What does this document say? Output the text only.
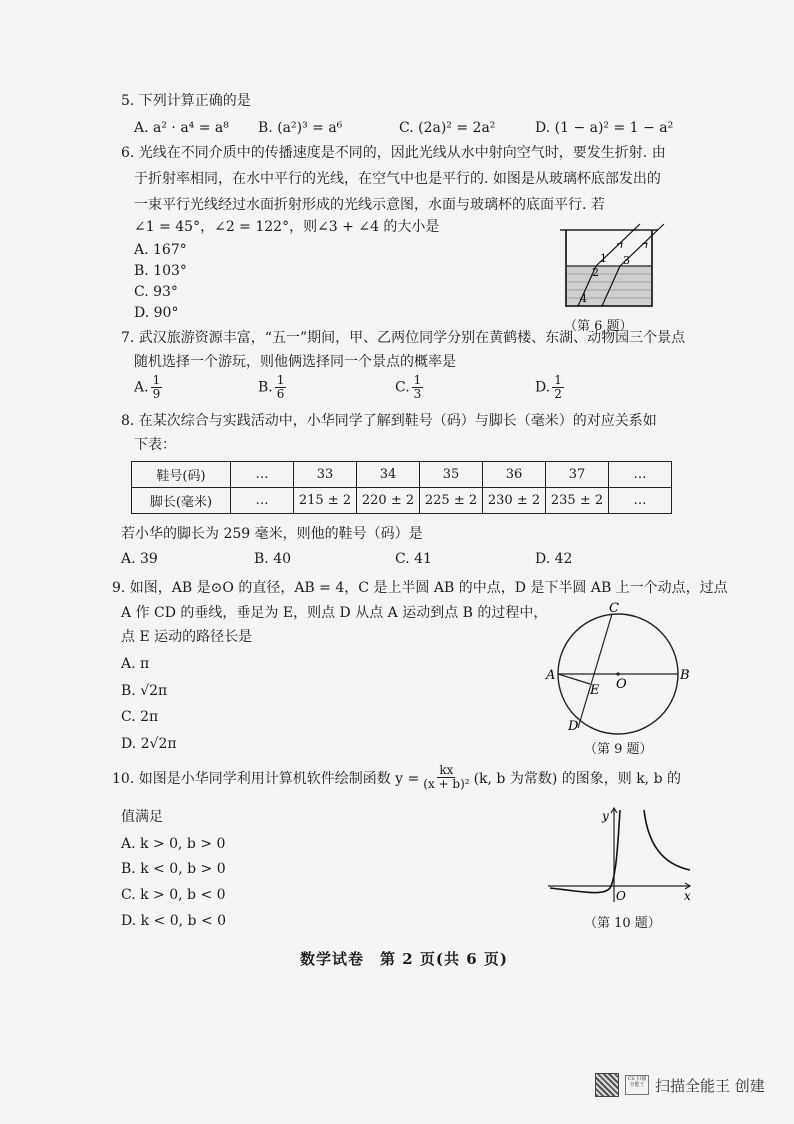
5. 下列计算正确的是
A. a² · a⁴ = a⁸ B. (a²)³ = a⁶	C. (2a)² = 2a²	D. (1 − a)² = 1 − a²
6. 光线在不同介质中的传播速度是不同的，因此光线从水中射向空气时，要发生折射. 由
于折射率相同，在水中平行的光线，在空气中也是平行的. 如图是从玻璃杯底部发出的
一束平行光线经过水面折射形成的光线示意图，水面与玻璃杯的底面平行. 若
∠1 = 45°，∠2 = 122°，则∠3 + ∠4 的大小是
A. 167°
B. 103°
C. 93°
D. 90°
1
2
3
4
（第 6 题）
7. 武汉旅游资源丰富，“五一”期间，甲、乙两位同学分别在黄鹤楼、东湖、动物园三个景点
随机选择一个游玩，则他俩选择同一个景点的概率是
A. $\frac{1}{9}$	B. $\frac{1}{6}$	C. $\frac{1}{3}$	D. $\frac{1}{2}$
8. 在某次综合与实践活动中，小华同学了解到鞋号（码）与脚长（毫米）的对应关系如
下表：
鞋号(码)	…	33	34	35	36	37	…
脚长(毫米)	…	215 ± 2	220 ± 2	225 ± 2	230 ± 2	235 ± 2	…
若小华的脚长为 259 毫米，则他的鞋号（码）是
A. 39	B. 40	C. 41	D. 42
9. 如图，AB 是⊙O 的直径，AB = 4，C 是上半圆 AB 的中点，D 是下半圆 AB 上一个动点，过点
A 作 CD 的垂线，垂足为 E，则点 D 从点 A 运动到点 B 的过程中，
点 E 运动的路径长是
A. π
B. √2π
C. 2π
D. 2√2π
C
A	B
O
E
D
（第 9 题）
10. 如图是小华同学利用计算机软件绘制函数 $y = \frac{kx}{\text{(x + b)²}} (k$, b 为常数) 的图象，则 k, b 的
值满足
A. k > 0, b > 0
B. k < 0, b > 0
C. k > 0, b < 0
D. k < 0, b < 0
y
x
O
（第 10 题）
数学试卷　第 2 页(共 6 页)
CS 扫描全能王 扫描全能王 创建
